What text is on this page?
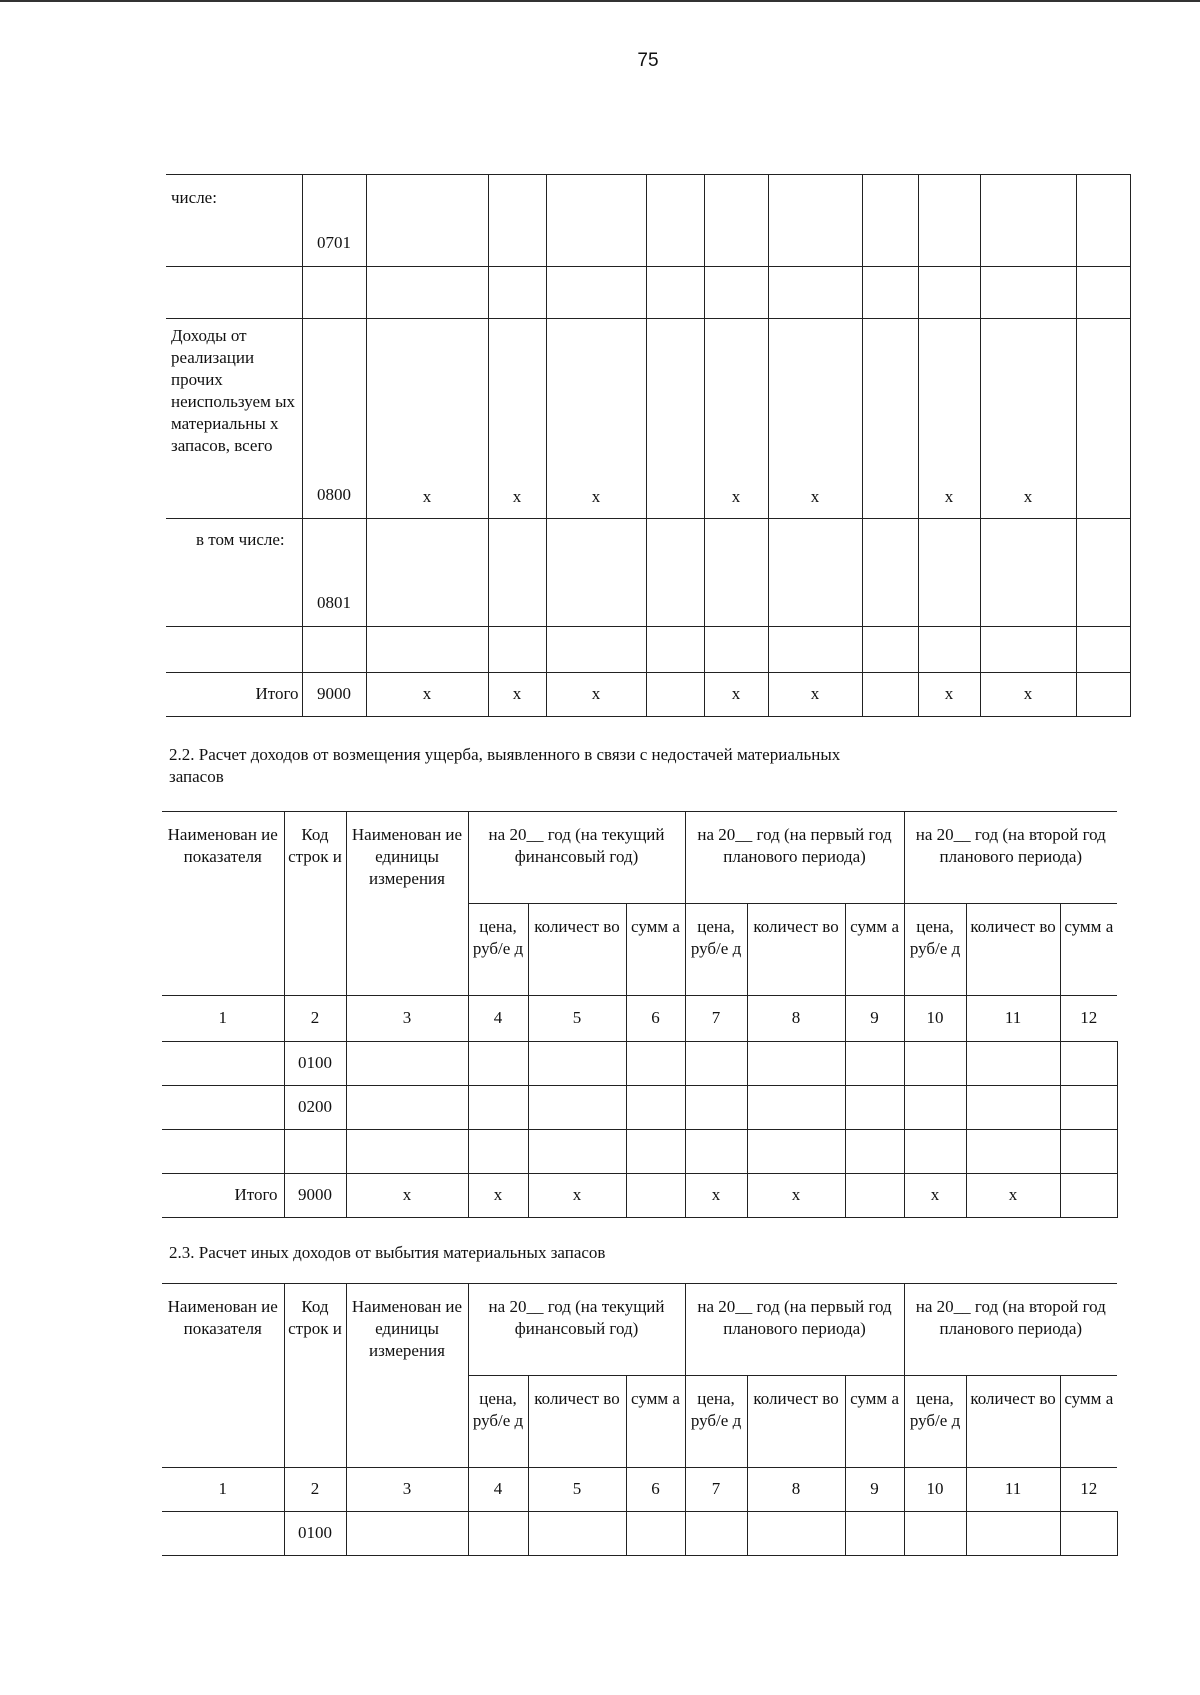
75
числе:	0701										

Доходы от реализации прочих неиспользуем ых материальны х запасов, всего	0800	x	x	x		x	x		x	x	
в том числе:	0801										

Итого	9000	x	x	x		x	x		x	x	
2.2. Расчет доходов от возмещения ущерба, выявленного в связи с недостачей материальных запасов
Наименован ие показателя	Код строк и	Наименован ие единицы измерения	на 20__ год (на текущий финансовый год)			на 20__ год (на первый год планового периода)			на 20__ год (на второй год планового периода)		
			цена, руб/е д	количест во	сумм а	цена, руб/е д	количест во	сумм а	цена, руб/е д	количест во	сумм а
1	2	3	4	5	6	7	8	9	10	11	12
	0100										
	0200										

Итого	9000	x	x	x		x	x		x	x	
2.3. Расчет иных доходов от выбытия материальных запасов
Наименован ие показателя	Код строк и	Наименован ие единицы измерения	на 20__ год (на текущий финансовый год)			на 20__ год (на первый год планового периода)			на 20__ год (на второй год планового периода)		
			цена, руб/е д	количест во	сумм а	цена, руб/е д	количест во	сумм а	цена, руб/е д	количест во	сумм а
1	2	3	4	5	6	7	8	9	10	11	12
	0100										
